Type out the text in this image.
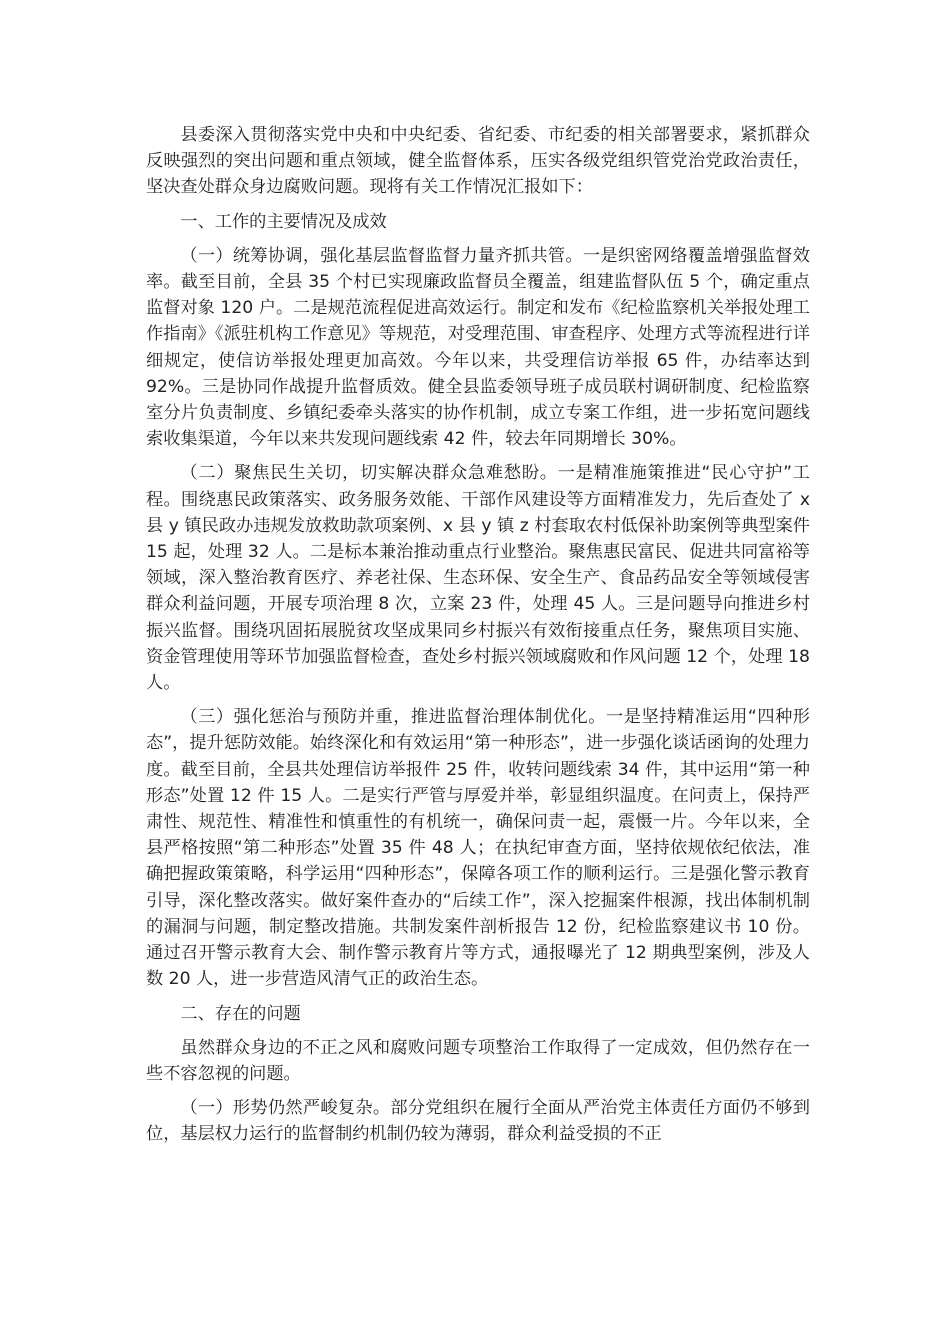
县委深入贯彻落实党中央和中央纪委、省纪委、市纪委的相关部署要求，紧抓群众反映强烈的突出问题和重点领域，健全监督体系，压实各级党组织管党治党政治责任，坚决查处群众身边腐败问题。现将有关工作情况汇报如下：

一、工作的主要情况及成效

（一）统筹协调，强化基层监督监督力量齐抓共管。一是织密网络覆盖增强监督效率。截至目前，全县 35 个村已实现廉政监督员全覆盖，组建监督队伍 5 个，确定重点监督对象 120 户。二是规范流程促进高效运行。制定和发布《纪检监察机关举报处理工作指南》《派驻机构工作意见》等规范，对受理范围、审查程序、处理方式等流程进行详细规定，使信访举报处理更加高效。今年以来，共受理信访举报 65 件，办结率达到 92%。三是协同作战提升监督质效。健全县监委领导班子成员联村调研制度、纪检监察室分片负责制度、乡镇纪委牵头落实的协作机制，成立专案工作组，进一步拓宽问题线索收集渠道，今年以来共发现问题线索 42 件，较去年同期增长 30%。

（二）聚焦民生关切，切实解决群众急难愁盼。一是精准施策推进“民心守护”工程。围绕惠民政策落实、政务服务效能、干部作风建设等方面精准发力，先后查处了 x 县 y 镇民政办违规发放救助款项案例、x 县 y 镇 z 村套取农村低保补助案例等典型案件 15 起，处理 32 人。二是标本兼治推动重点行业整治。聚焦惠民富民、促进共同富裕等领域，深入整治教育医疗、养老社保、生态环保、安全生产、食品药品安全等领域侵害群众利益问题，开展专项治理 8 次，立案 23 件，处理 45 人。三是问题导向推进乡村振兴监督。围绕巩固拓展脱贫攻坚成果同乡村振兴有效衔接重点任务，聚焦项目实施、资金管理使用等环节加强监督检查，查处乡村振兴领域腐败和作风问题 12 个，处理 18 人。

（三）强化惩治与预防并重，推进监督治理体制优化。一是坚持精准运用“四种形态”，提升惩防效能。始终深化和有效运用“第一种形态”，进一步强化谈话函询的处理力度。截至目前，全县共处理信访举报件 25 件，收转问题线索 34 件，其中运用“第一种形态”处置 12 件 15 人。二是实行严管与厚爱并举，彰显组织温度。在问责上，保持严肃性、规范性、精准性和慎重性的有机统一，确保问责一起，震慑一片。今年以来，全县严格按照“第二种形态”处置 35 件 48 人；在执纪审查方面，坚持依规依纪依法，准确把握政策策略，科学运用“四种形态”，保障各项工作的顺利运行。三是强化警示教育引导，深化整改落实。做好案件查办的“后续工作”，深入挖掘案件根源，找出体制机制的漏洞与问题，制定整改措施。共制发案件剖析报告 12 份，纪检监察建议书 10 份。通过召开警示教育大会、制作警示教育片等方式，通报曝光了 12 期典型案例，涉及人数 20 人，进一步营造风清气正的政治生态。

二、存在的问题

虽然群众身边的不正之风和腐败问题专项整治工作取得了一定成效，但仍然存在一些不容忽视的问题。

（一）形势仍然严峻复杂。部分党组织在履行全面从严治党主体责任方面仍不够到位，基层权力运行的监督制约机制仍较为薄弱，群众利益受损的不正
